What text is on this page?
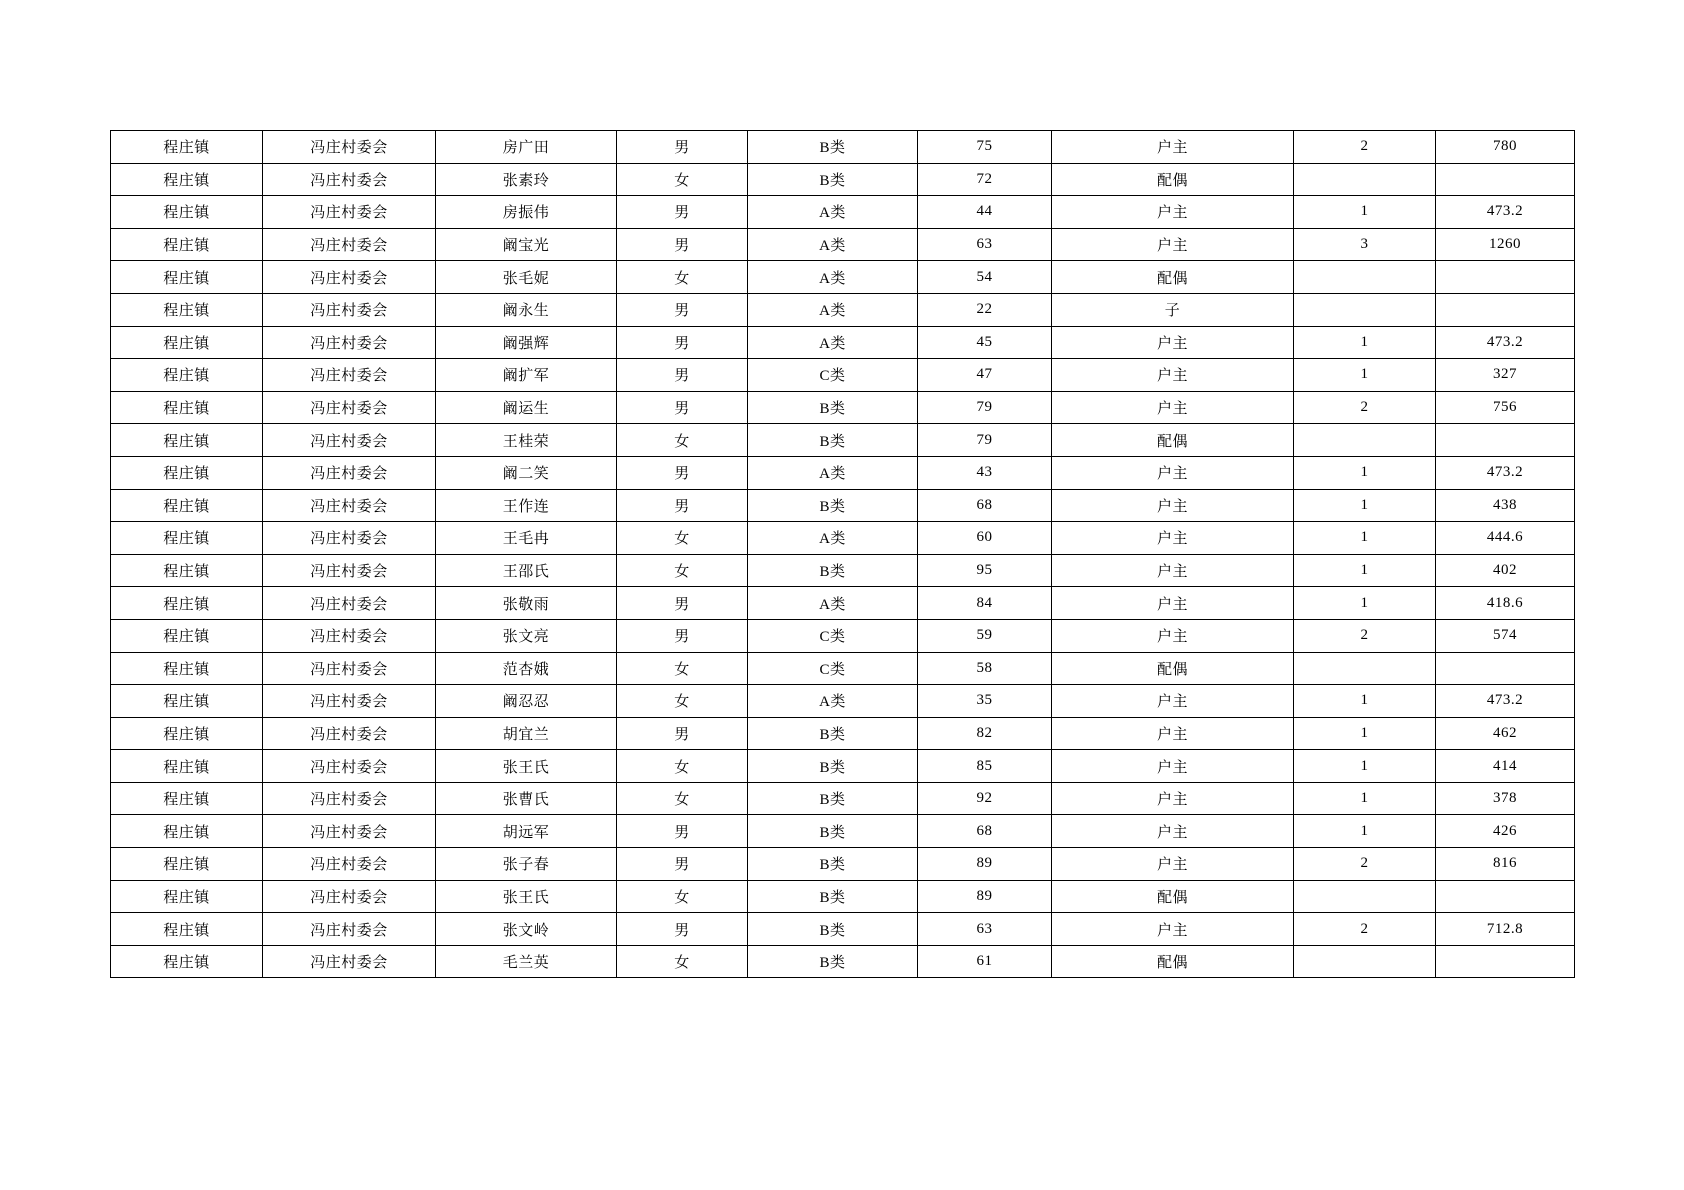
程庄镇	冯庄村委会	房广田	男	B类	75	户主	2	780
程庄镇	冯庄村委会	张素玲	女	B类	72	配偶		
程庄镇	冯庄村委会	房振伟	男	A类	44	户主	1	473.2
程庄镇	冯庄村委会	阚宝光	男	A类	63	户主	3	1260
程庄镇	冯庄村委会	张毛妮	女	A类	54	配偶		
程庄镇	冯庄村委会	阚永生	男	A类	22	子		
程庄镇	冯庄村委会	阚强辉	男	A类	45	户主	1	473.2
程庄镇	冯庄村委会	阚扩军	男	C类	47	户主	1	327
程庄镇	冯庄村委会	阚运生	男	B类	79	户主	2	756
程庄镇	冯庄村委会	王桂荣	女	B类	79	配偶		
程庄镇	冯庄村委会	阚二笑	男	A类	43	户主	1	473.2
程庄镇	冯庄村委会	王作连	男	B类	68	户主	1	438
程庄镇	冯庄村委会	王毛冉	女	A类	60	户主	1	444.6
程庄镇	冯庄村委会	王邵氏	女	B类	95	户主	1	402
程庄镇	冯庄村委会	张敬雨	男	A类	84	户主	1	418.6
程庄镇	冯庄村委会	张文亮	男	C类	59	户主	2	574
程庄镇	冯庄村委会	范杏娥	女	C类	58	配偶		
程庄镇	冯庄村委会	阚忍忍	女	A类	35	户主	1	473.2
程庄镇	冯庄村委会	胡宜兰	男	B类	82	户主	1	462
程庄镇	冯庄村委会	张王氏	女	B类	85	户主	1	414
程庄镇	冯庄村委会	张曹氏	女	B类	92	户主	1	378
程庄镇	冯庄村委会	胡远军	男	B类	68	户主	1	426
程庄镇	冯庄村委会	张子春	男	B类	89	户主	2	816
程庄镇	冯庄村委会	张王氏	女	B类	89	配偶		
程庄镇	冯庄村委会	张文岭	男	B类	63	户主	2	712.8
程庄镇	冯庄村委会	毛兰英	女	B类	61	配偶		
